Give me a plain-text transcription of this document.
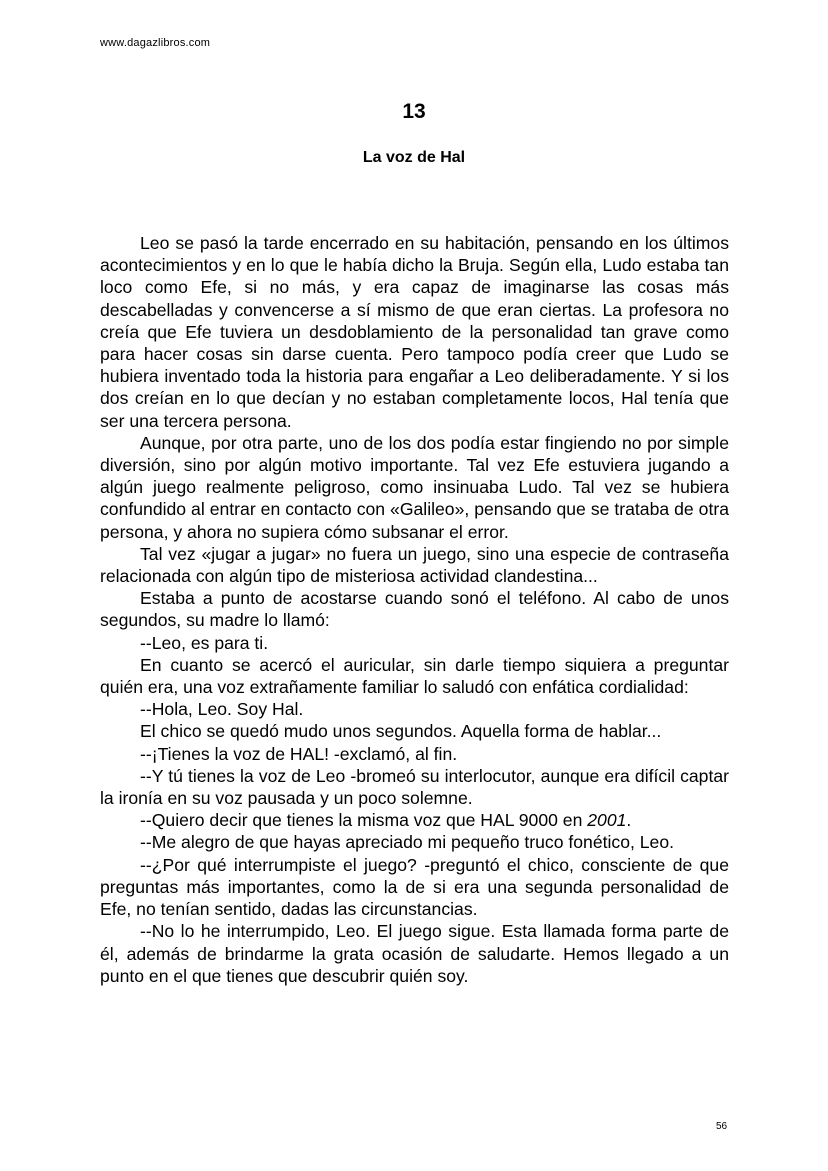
www.dagazlibros.com
13
La voz de Hal

Leo se pasó la tarde encerrado en su habitación, pensando en los últimos acontecimientos y en lo que le había dicho la Bruja. Según ella, Ludo estaba tan loco como Efe, si no más, y era capaz de imaginarse las cosas más descabelladas y convencerse a sí mismo de que eran ciertas. La profesora no creía que Efe tuviera un desdoblamiento de la personalidad tan grave como para hacer cosas sin darse cuenta. Pero tampoco podía creer que Ludo se hubiera inventado toda la historia para engañar a Leo deliberadamente. Y si los dos creían en lo que decían y no estaban completamente locos, Hal tenía que ser una tercera persona.

Aunque, por otra parte, uno de los dos podía estar fingiendo no por simple diversión, sino por algún motivo importante. Tal vez Efe estuviera jugando a algún juego realmente peligroso, como insinuaba Ludo. Tal vez se hubiera confundido al entrar en contacto con «Galileo», pensando que se trataba de otra persona, y ahora no supiera cómo subsanar el error.

Tal vez «jugar a jugar» no fuera un juego, sino una especie de contraseña relacionada con algún tipo de misteriosa actividad clandestina...

Estaba a punto de acostarse cuando sonó el teléfono. Al cabo de unos segundos, su madre lo llamó:

--Leo, es para ti.

En cuanto se acercó el auricular, sin darle tiempo siquiera a preguntar quién era, una voz extrañamente familiar lo saludó con enfática cordialidad:

--Hola, Leo. Soy Hal.

El chico se quedó mudo unos segundos. Aquella forma de hablar...

--¡Tienes la voz de HAL! -exclamó, al fin.

--Y tú tienes la voz de Leo -bromeó su interlocutor, aunque era difícil captar la ironía en su voz pausada y un poco solemne.

--Quiero decir que tienes la misma voz que HAL 9000 en 2001.

--Me alegro de que hayas apreciado mi pequeño truco fonético, Leo.

--¿Por qué interrumpiste el juego? -preguntó el chico, consciente de que preguntas más importantes, como la de si era una segunda personalidad de Efe, no tenían sentido, dadas las circunstancias.

--No lo he interrumpido, Leo. El juego sigue. Esta llamada forma parte de él, además de brindarme la grata ocasión de saludarte. Hemos llegado a un punto en el que tienes que descubrir quién soy.

56
